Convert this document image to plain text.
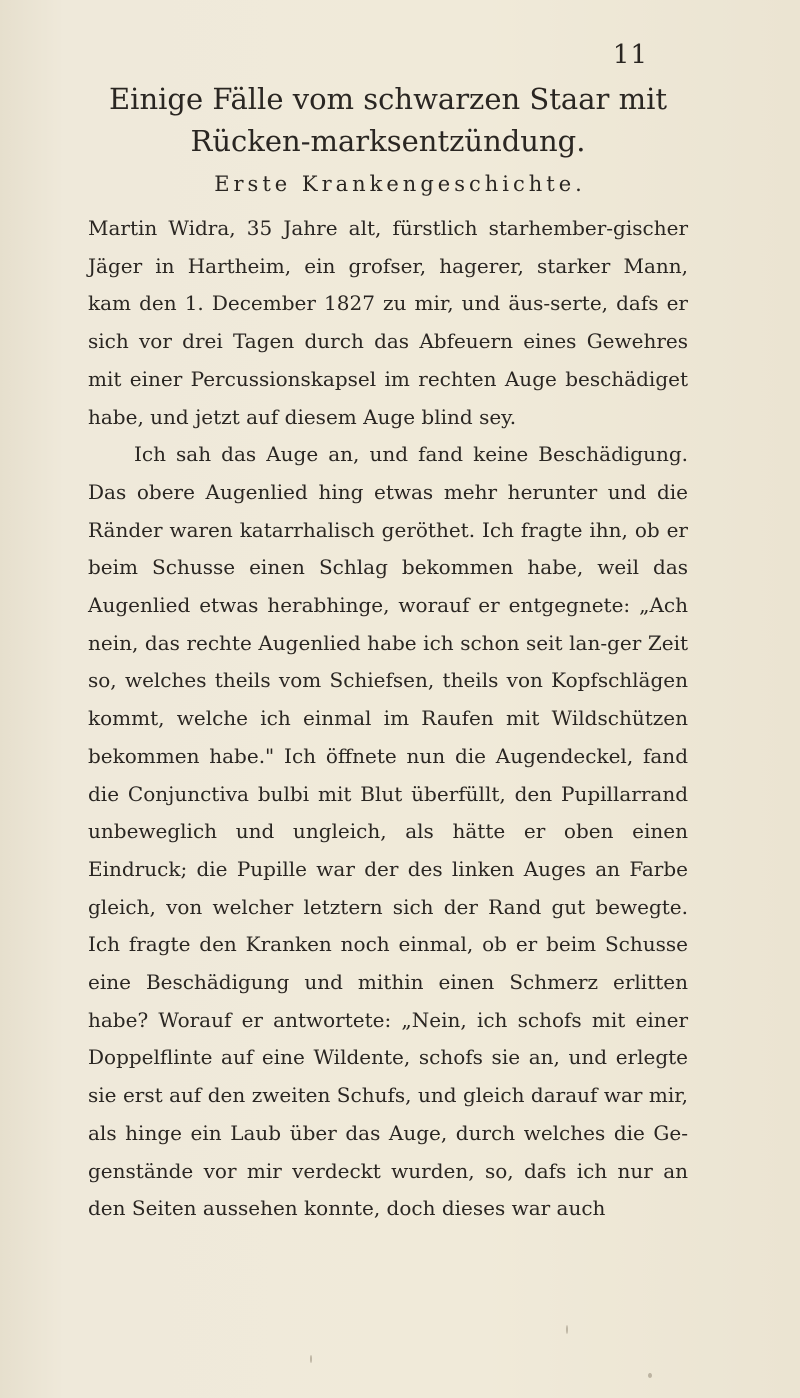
11
Einige Fälle vom schwarzen Staar mit Rücken-marksentzündung.
Erste Krankengeschichte.

Martin Widra, 35 Jahre alt, fürstlich starhember-gischer Jäger in Hartheim, ein grofser, hagerer, starker Mann, kam den 1. December 1827 zu mir, und äus-serte, dafs er sich vor drei Tagen durch das Abfeuern eines Gewehres mit einer Percussionskapsel im rechten Auge beschädiget habe, und jetzt auf diesem Auge blind sey.

Ich sah das Auge an, und fand keine Beschädigung. Das obere Augenlied hing etwas mehr herunter und die Ränder waren katarrhalisch geröthet. Ich fragte ihn, ob er beim Schusse einen Schlag bekommen habe, weil das Augenlied etwas herabhinge, worauf er entgegnete: „Ach nein, das rechte Augenlied habe ich schon seit lan-ger Zeit so, welches theils vom Schiefsen, theils von Kopfschlägen kommt, welche ich einmal im Raufen mit Wildschützen bekommen habe." Ich öffnete nun die Augendeckel, fand die Conjunctiva bulbi mit Blut überfüllt, den Pupillarrand unbeweglich und ungleich, als hätte er oben einen Eindruck; die Pupille war der des linken Auges an Farbe gleich, von welcher letztern sich der Rand gut bewegte. Ich fragte den Kranken noch einmal, ob er beim Schusse eine Beschädigung und mithin einen Schmerz erlitten habe? Worauf er antwortete: „Nein, ich schofs mit einer Doppelflinte auf eine Wildente, schofs sie an, und erlegte sie erst auf den zweiten Schufs, und gleich darauf war mir, als hinge ein Laub über das Auge, durch welches die Ge-genstände vor mir verdeckt wurden, so, dafs ich nur an den Seiten aussehen konnte, doch dieses war auch
